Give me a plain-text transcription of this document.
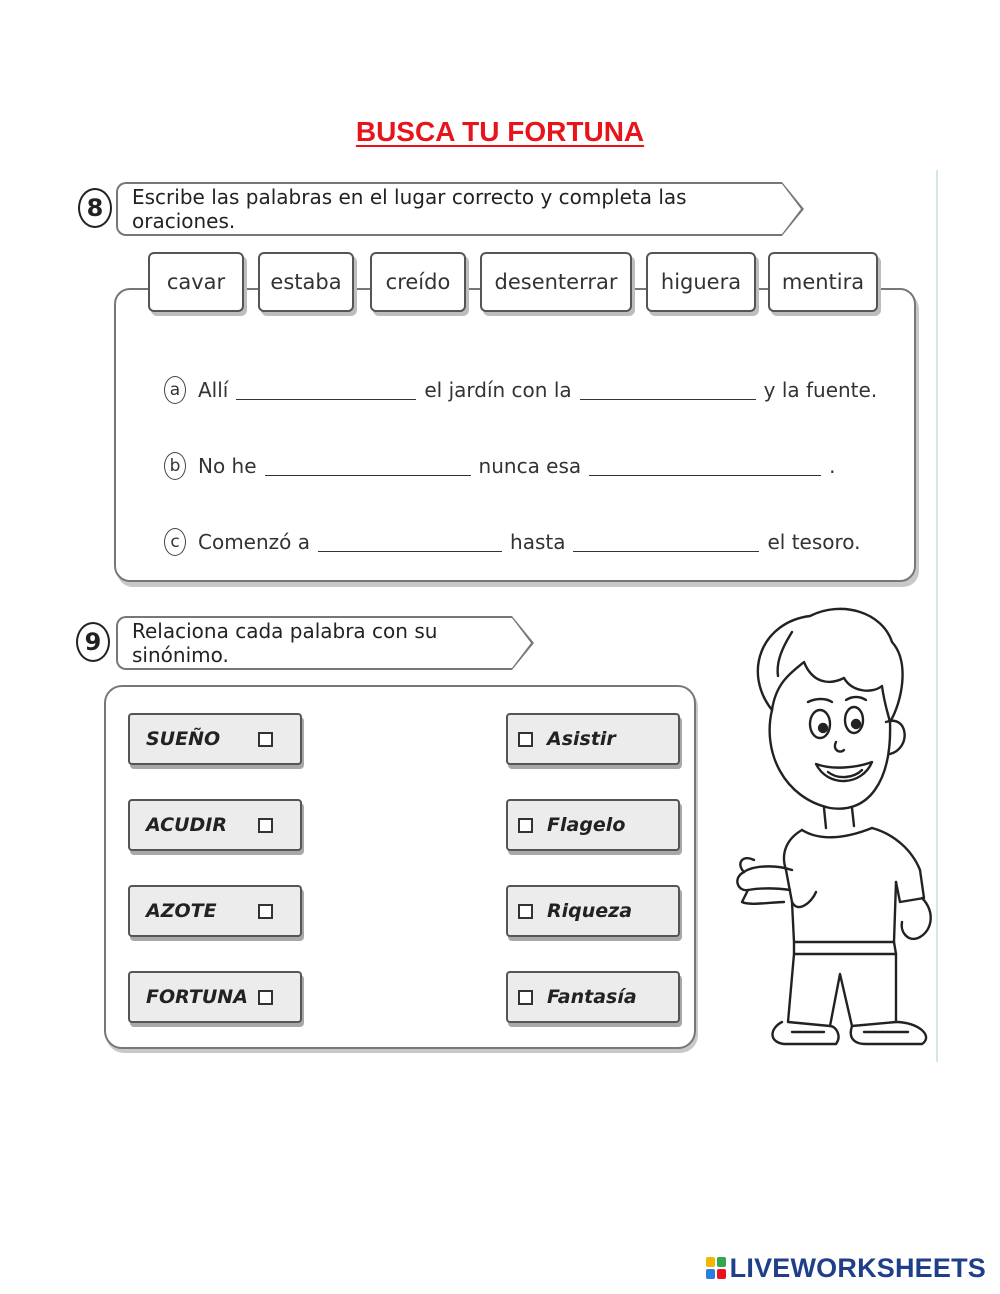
BUSCA TU FORTUNA
8	Escribe las palabras en el lugar correcto y completa las oraciones.
a Allí	el jardín con la	y la fuente.
b No he	nunca esa	.
c Comenzó a	hasta	el tesoro.
cavar	estaba	creído	desenterrar	higuera	mentira
9	Relaciona cada palabra con su sinónimo.
SUEÑO
ACUDIR
AZOTE
FORTUNA
Asistir
Flagelo
Riqueza
Fantasía
LIVEWORKSHEETS
